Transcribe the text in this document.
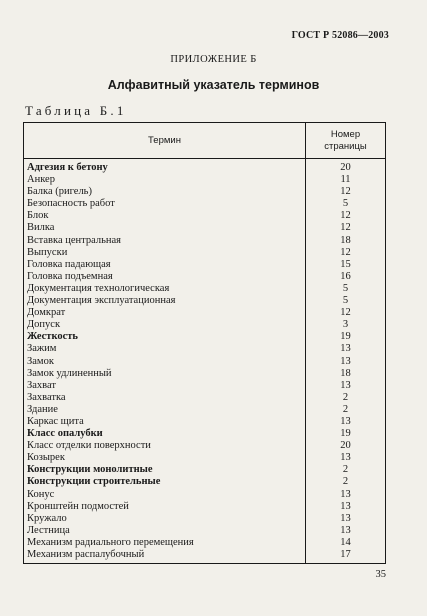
ГОСТ Р 52086—2003
ПРИЛОЖЕНИЕ Б
Алфавитный указатель терминов
Таблица Б.1
Термин	Номер
страницы
Адгезия к бетону	20
Анкер	11
Балка (ригель)	12
Безопасность работ	5
Блок	12
Вилка	12
Вставка центральная	18
Выпуски	12
Головка падающая	15
Головка подъемная	16
Документация технологическая	5
Документация эксплуатационная	5
Домкрат	12
Допуск	3
Жесткость	19
Зажим	13
Замок	13
Замок удлиненный	18
Захват	13
Захватка	2
Здание	2
Каркас щита	13
Класс опалубки	19
Класс отделки поверхности	20
Козырек	13
Конструкции монолитные	2
Конструкции строительные	2
Конус	13
Кронштейн подмостей	13
Кружало	13
Лестница	13
Механизм радиального перемещения	14
Механизм распалубочный	17
35
